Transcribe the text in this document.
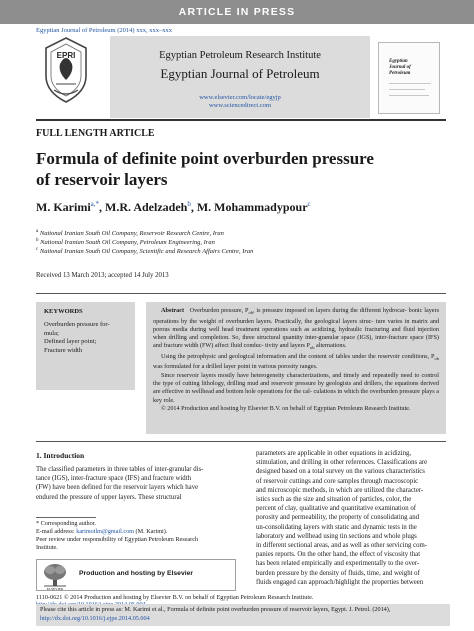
ARTICLE IN PRESS
Egyptian Journal of Petroleum (2014) xxx, xxx–xxx
EPRI	Egyptian Petroleum Research Institute
Egyptian Journal of Petroleum
www.elsevier.com/locate/egyjp
www.sciencedirect.com
Egyptian
Journal of
Petroleum
FULL LENGTH ARTICLE
Formula of definite point overburden pressure
of reservoir layers
M. Karimi$^{a,*}$, M.R. Adelzadeh$^b$, M. Mohammadypour$^c$
$^a$ National Iranian South Oil Company, Reservoir Research Centre, Iran
$^b$ National Iranian South Oil Company, Petroleum Engineering, Iran
$^c$ National Iranian South Oil Company, Scientific and Research Affairs Centre, Iran
Received 13 March 2013; accepted 14 July 2013
KEYWORDS
Overburden pressure for-
mula;
Defined layer point;
Fracture width
Abstract Overburden pressure, $P_{ob}$, is pressure imposed on layers during the different hydrocar- bonic layers operations by the weight of overburden layers. Practically, the geological layers struc- ture varies in matrix and porous media during well head treatment operations such as acidizing, hydraulic fracturing and fluid injection when drilling and completion. So, three structural quantity inter-granular space (IGS), inter-fracture space (IFS) and fracture width (FW) affect fluid conduc- tivity and layers $P_{ob}$ alternations.
Using the petrophysic and geological information and the content of tables under the reservoir conditions, $P_{ob}$ was formulated for a drilled layer point in various porosity ranges.
Since reservoir layers mostly have heterogeneity characterizations, and timely and repeatedly need to control the type of cutting lithology, drilling mud and reservoir pressure by geologists and drillers, the equations derived are effective in wellhead and bottom hole operations for the cal- culations in which the overburden pressure plays a key role.
© 2014 Production and hosting by Elsevier B.V. on behalf of Egyptian Petroleum Research Institute.
1. Introduction
The classified parameters in three tables of inter-granular dis-
tance (IGS), inter-fracture space (IFS) and fracture width
(FW) have been defined for the reservoir layers which have
endured the pressure of upper layers. These structural
parameters are applicable in other equations in acidizing,
stimulation, and drilling in other references. Classifications are
designed based on a total survey on the various characteristics
of reservoir cuttings and core samples through macroscopic
and microscopic methods, in which are utilized the character-
istics such as the size and situation of particles, color, the
percent of clay, qualitative and quantitative examination of
porosity and permeability, the property of consolidating and
un-consolidating layers with static and dynamic tests in the
laboratory and wellhead using tin sections and whole plugs
in different sectional areas, and as well as other servicing com-
panies reports. On the other hand, the effect of viscosity that
has been related empirically and experimentally to the over-
burden pressure by the density of fluids, time, and weight of
fluids engaged can approach/highlight the properties between
* Corresponding author.
E-mail address: karimoilm@gmail.com (M. Karimi).
Peer review under responsibility of Egyptian Petroleum Research
Institute.
ELSEVIER
Production and hosting by Elsevier
1110-0621 © 2014 Production and hosting by Elsevier B.V. on behalf of Egyptian Petroleum Research Institute.
Please cite this article in press as: M. Karimi et al., Formula of definite point overburden pressure of reservoir layers, Egypt. J. Petrol. (2014),
http://dx.doi.org/10.1016/j.ejpe.2014.05.004
